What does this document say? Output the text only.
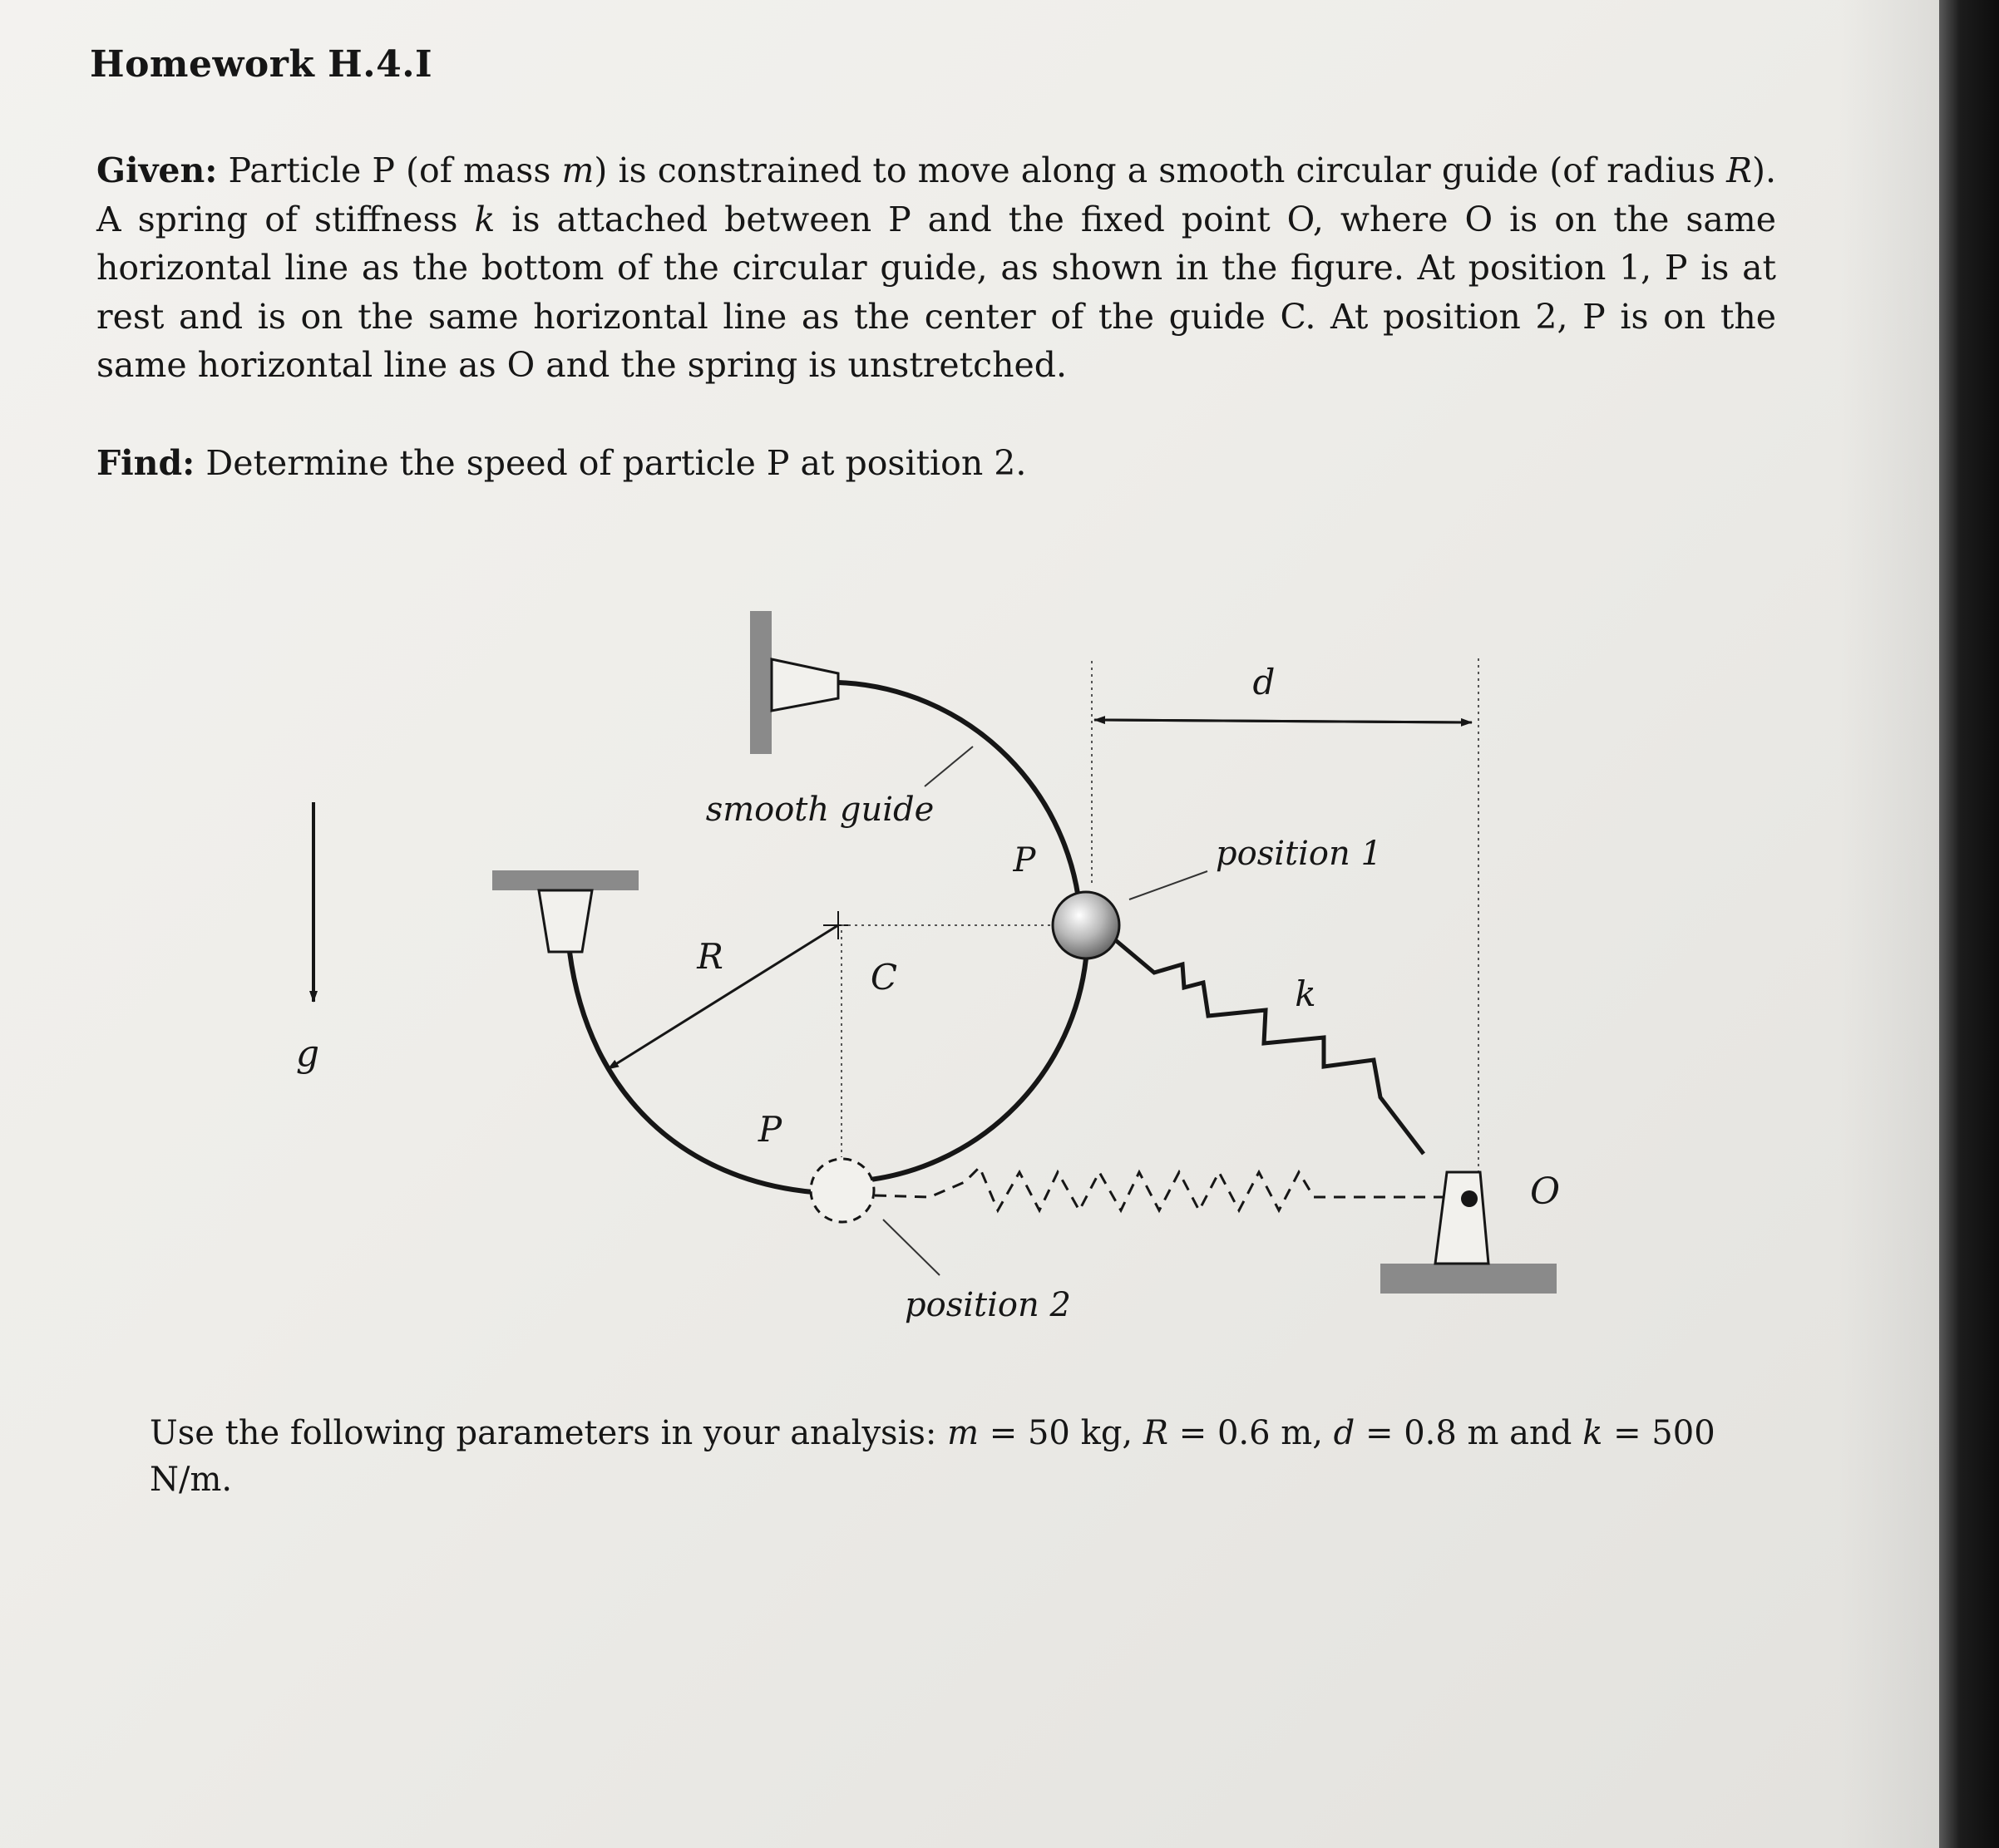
Homework H.4.I
Given: Particle P (of mass m) is constrained to move along a smooth circular guide (of radius R). A spring of stiffness k is attached between P and the fixed point O, where O is on the same horizontal line as the bottom of the circular guide, as shown in the figure. At position 1, P is at rest and is on the same horizontal line as the center of the guide C. At position 2, P is on the same horizontal line as O and the spring is unstretched.
Find: Determine the speed of particle P at position 2.
d
smooth guide
P	position 1
R
C	k
g
P
O
position 2
Use the following parameters in your analysis: m = 50 kg, R = 0.6 m, d = 0.8 m and k = 500 N/m.
